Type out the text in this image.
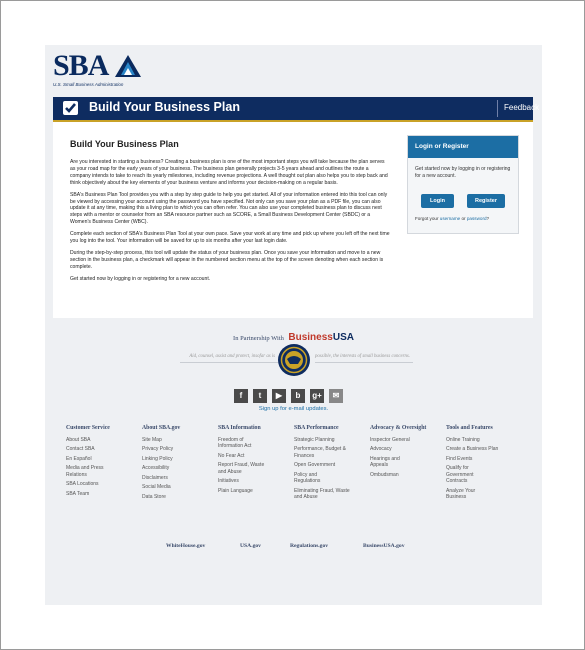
SBA
U.S. Small Business Administration
Build Your Business Plan	Feedback
Build Your Business Plan

Are you interested in starting a business? Creating a business plan is one of the most important steps you will take because the plan serves as your road map for the early years of your business. The business plan generally projects 3-5 years ahead and outlines the route a company intends to take to reach its yearly milestones, including revenue projections. A well thought out plan also helps you to step back and think objectively about the key elements of your business venture and informs your decision-making on a regular basis.

SBA's Business Plan Tool provides you with a step by step guide to help you get started. All of your information entered into this tool can only be viewed by accessing your account using the password you have specified. Not only can you save your plan as a PDF file, you can also update it at any time, making this a living plan to which you can often refer. You can also use your completed business plan to discuss next steps with a mentor or counselor from an SBA resource partner such as SCORE, a Small Business Development Center (SBDC) or a Women's Business Center (WBC).

Complete each section of SBA's Business Plan Tool at your own pace. Save your work at any time and pick up where you left off the next time you log into the tool. Your information will be saved for up to six months after your last login date.

During the step-by-step process, this tool will update the status of your business plan. Once you save your information and move to a new section in the business plan, a checkmark will appear in the numbered section menu at the top of the screen denoting when each section is complete.

Get started now by logging in or registering for a new account.

Login or Register
Get started now by logging in or registering for a new account.
Login	Register
Forgot your username or password?
In Partnership With BusinessUSA
Aid, counsel, assist and protect, insofar as is	possible, the interests of small business concerns.
f	t	▶	b	g+	✉
Sign up for e-mail updates.
Customer Service
About SBA
Contact SBA
En Español
Media and Press Relations
SBA Locations
SBA Team
About SBA.gov
Site Map
Privacy Policy
Linking Policy
Accessibility
Disclaimers
Social Media
Data Store
SBA Information
Freedom of Information Act
No Fear Act
Report Fraud, Waste and Abuse
Initiatives
Plain Language
SBA Performance
Strategic Planning
Performance, Budget & Finances
Open Government
Policy and Regulations
Eliminating Fraud, Waste and Abuse
Advocacy & Oversight
Inspector General
Advocacy
Hearings and Appeals
Ombudsman
Tools and Features
Online Training
Create a Business Plan
Find Events
Qualify for Government Contracts
Analyze Your Business
WhiteHouse.gov	USA.gov	Regulations.gov	BusinessUSA.gov
